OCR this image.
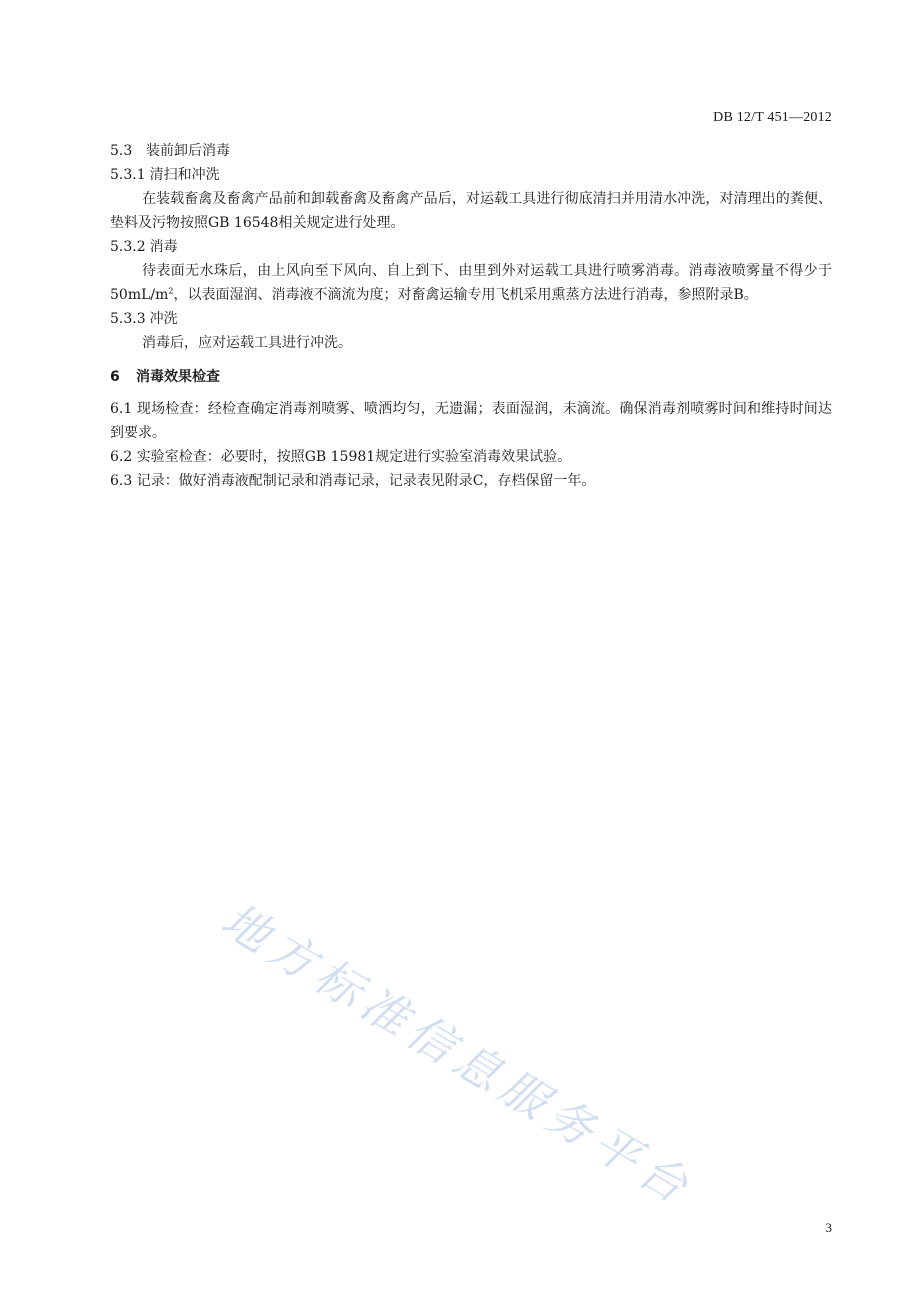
DB 12/T 451—2012
5.3 装前卸后消毒
5.3.1 清扫和冲洗
在装载畜禽及畜禽产品前和卸载畜禽及畜禽产品后，对运载工具进行彻底清扫并用清水冲洗，对清理出的粪便、垫料及污物按照GB 16548相关规定进行处理。
5.3.2 消毒
待表面无水珠后，由上风向至下风向、自上到下、由里到外对运载工具进行喷雾消毒。消毒液喷雾量不得少于$50mL/m^2$，以表面湿润、消毒液不滴流为度；对畜禽运输专用飞机采用熏蒸方法进行消毒，参照附录B。
5.3.3 冲洗
消毒后，应对运载工具进行冲洗。
6 消毒效果检查
6.1 现场检查：经检查确定消毒剂喷雾、喷洒均匀，无遗漏；表面湿润，未滴流。确保消毒剂喷雾时间和维持时间达到要求。
6.2 实验室检查：必要时，按照GB 15981规定进行实验室消毒效果试验。
6.3 记录：做好消毒液配制记录和消毒记录，记录表见附录C，存档保留一年。
地方标准信息服务平台
3
